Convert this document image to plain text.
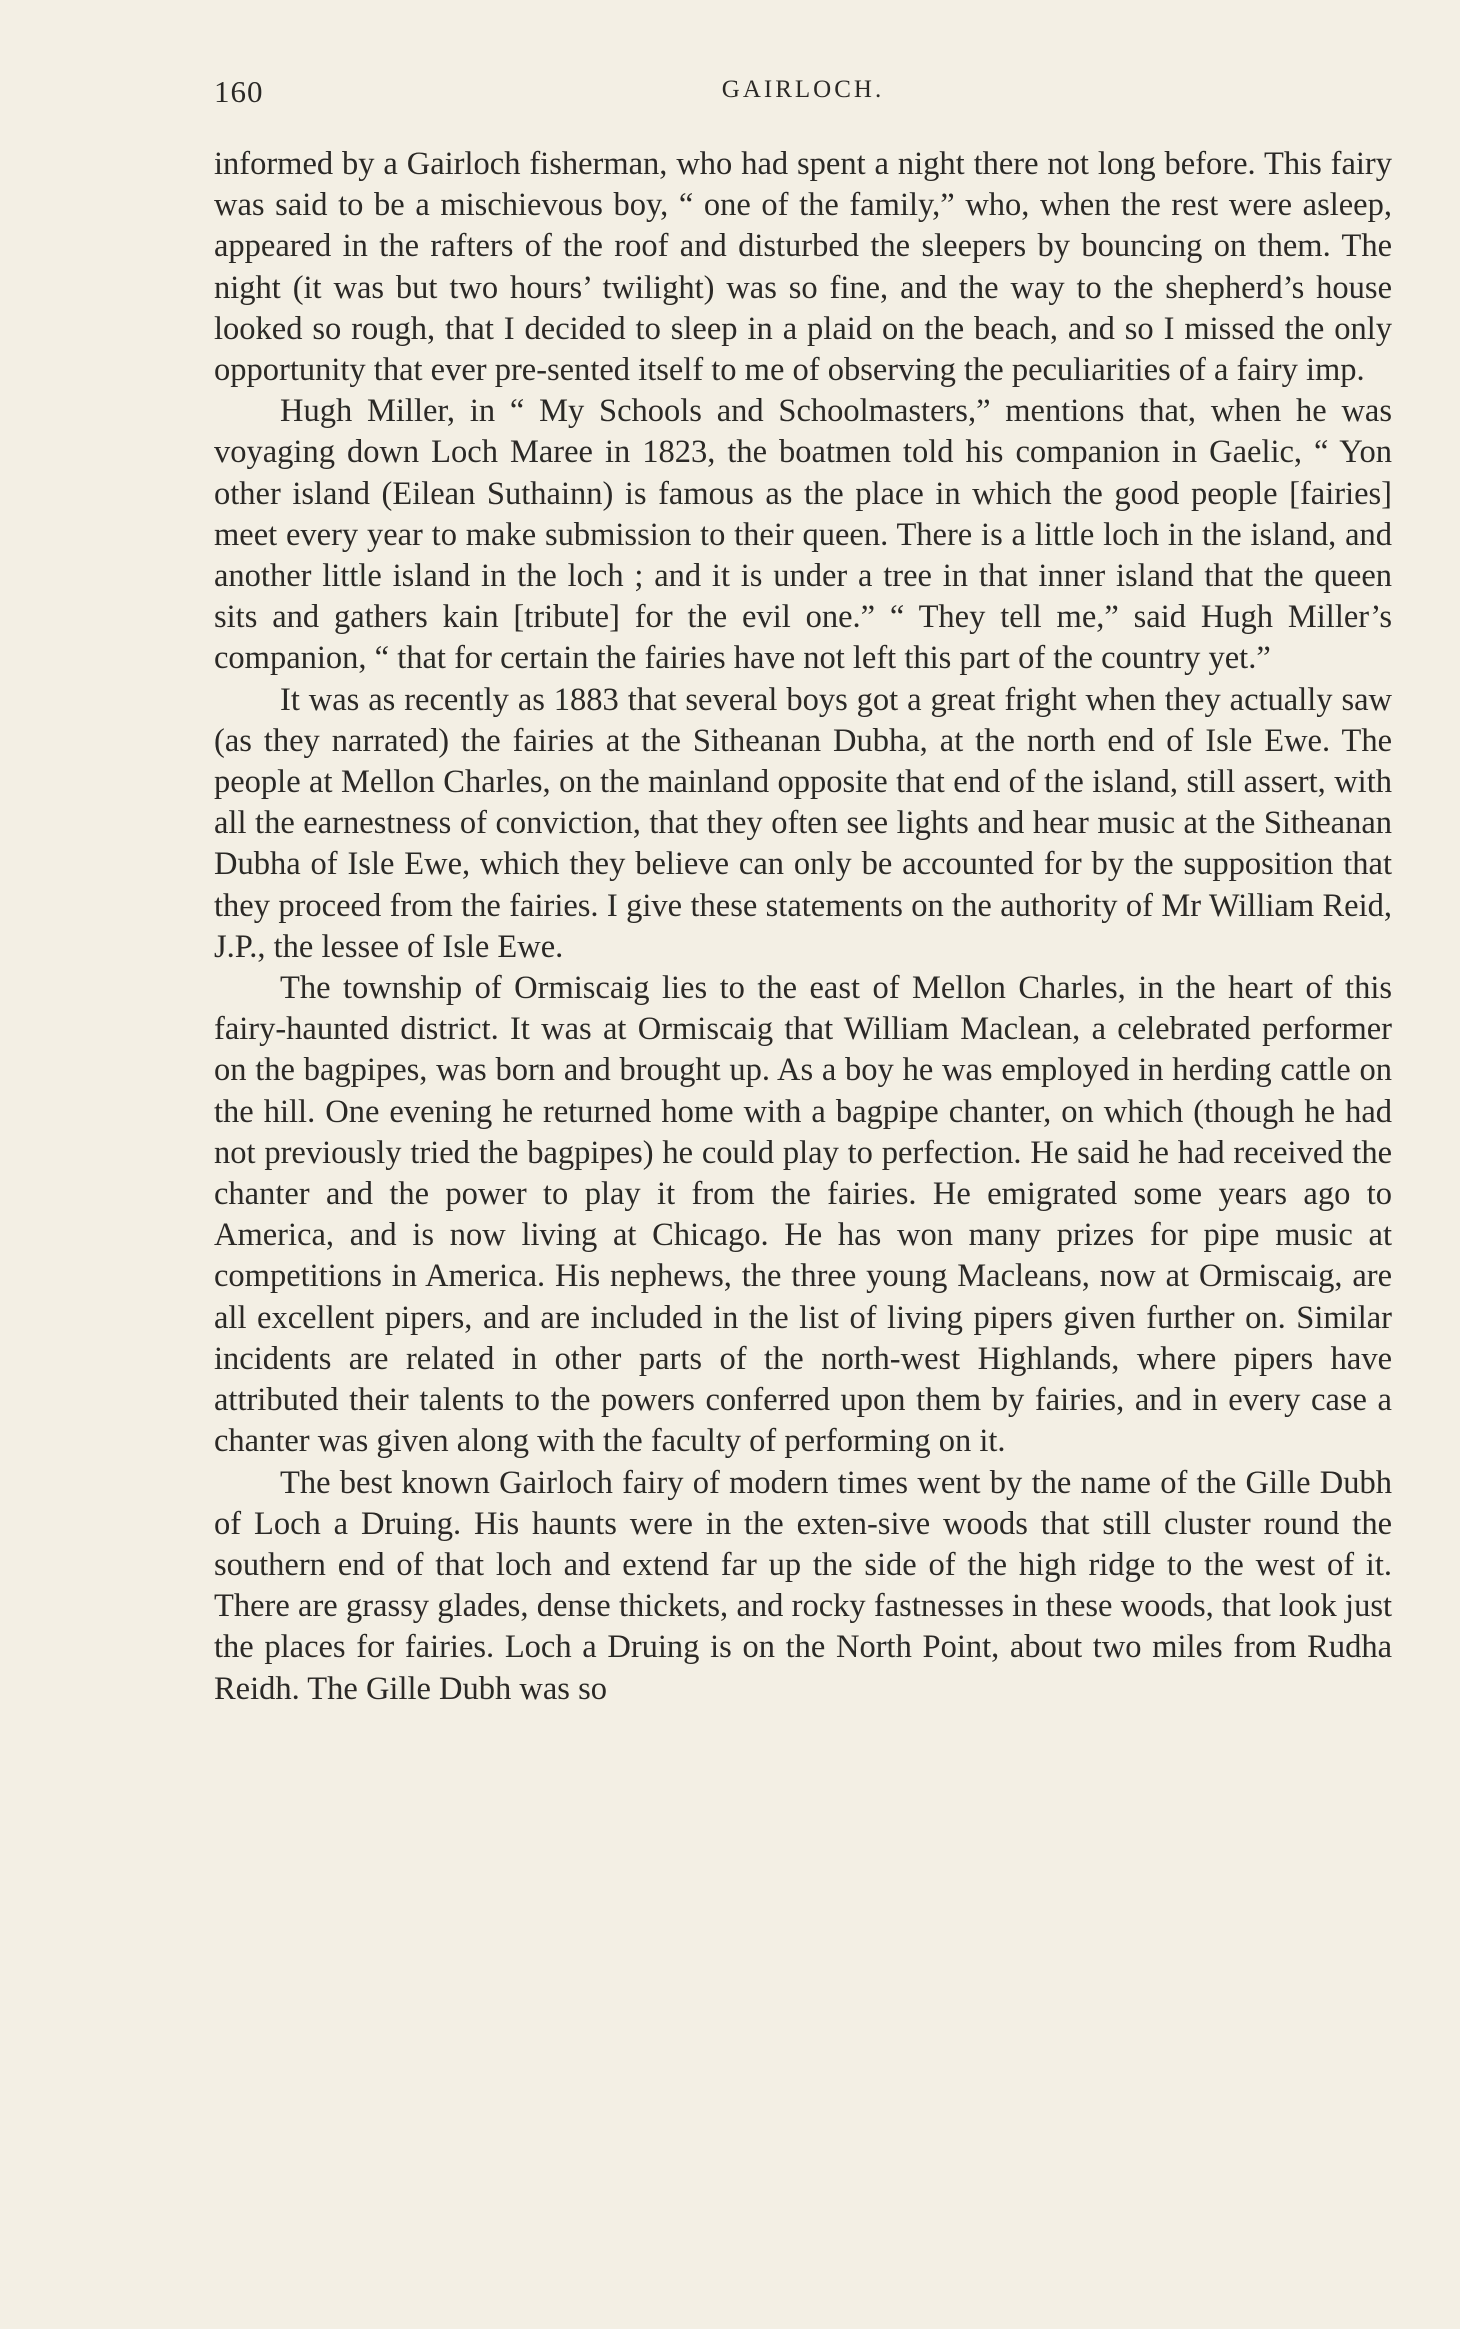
160	GAIRLOCH.

informed by a Gairloch fisherman, who had spent a night there not long before. This fairy was said to be a mischievous boy, “ one of the family,” who, when the rest were asleep, appeared in the rafters of the roof and disturbed the sleepers by bouncing on them. The night (it was but two hours’ twilight) was so fine, and the way to the shepherd’s house looked so rough, that I decided to sleep in a plaid on the beach, and so I missed the only opportunity that ever pre-sented itself to me of observing the peculiarities of a fairy imp.

Hugh Miller, in “ My Schools and Schoolmasters,” mentions that, when he was voyaging down Loch Maree in 1823, the boatmen told his companion in Gaelic, “ Yon other island (Eilean Suthainn) is famous as the place in which the good people [fairies] meet every year to make submission to their queen. There is a little loch in the island, and another little island in the loch ; and it is under a tree in that inner island that the queen sits and gathers kain [tribute] for the evil one.” “ They tell me,” said Hugh Miller’s companion, “ that for certain the fairies have not left this part of the country yet.”

It was as recently as 1883 that several boys got a great fright when they actually saw (as they narrated) the fairies at the Sitheanan Dubha, at the north end of Isle Ewe. The people at Mellon Charles, on the mainland opposite that end of the island, still assert, with all the earnestness of conviction, that they often see lights and hear music at the Sitheanan Dubha of Isle Ewe, which they believe can only be accounted for by the supposition that they proceed from the fairies. I give these statements on the authority of Mr William Reid, J.P., the lessee of Isle Ewe.

The township of Ormiscaig lies to the east of Mellon Charles, in the heart of this fairy-haunted district. It was at Ormiscaig that William Maclean, a celebrated performer on the bagpipes, was born and brought up. As a boy he was employed in herding cattle on the hill. One evening he returned home with a bagpipe chanter, on which (though he had not previously tried the bagpipes) he could play to perfection. He said he had received the chanter and the power to play it from the fairies. He emigrated some years ago to America, and is now living at Chicago. He has won many prizes for pipe music at competitions in America. His nephews, the three young Macleans, now at Ormiscaig, are all excellent pipers, and are included in the list of living pipers given further on. Similar incidents are related in other parts of the north-west Highlands, where pipers have attributed their talents to the powers conferred upon them by fairies, and in every case a chanter was given along with the faculty of performing on it.

The best known Gairloch fairy of modern times went by the name of the Gille Dubh of Loch a Druing. His haunts were in the exten-sive woods that still cluster round the southern end of that loch and extend far up the side of the high ridge to the west of it. There are grassy glades, dense thickets, and rocky fastnesses in these woods, that look just the places for fairies. Loch a Druing is on the North Point, about two miles from Rudha Reidh. The Gille Dubh was so
